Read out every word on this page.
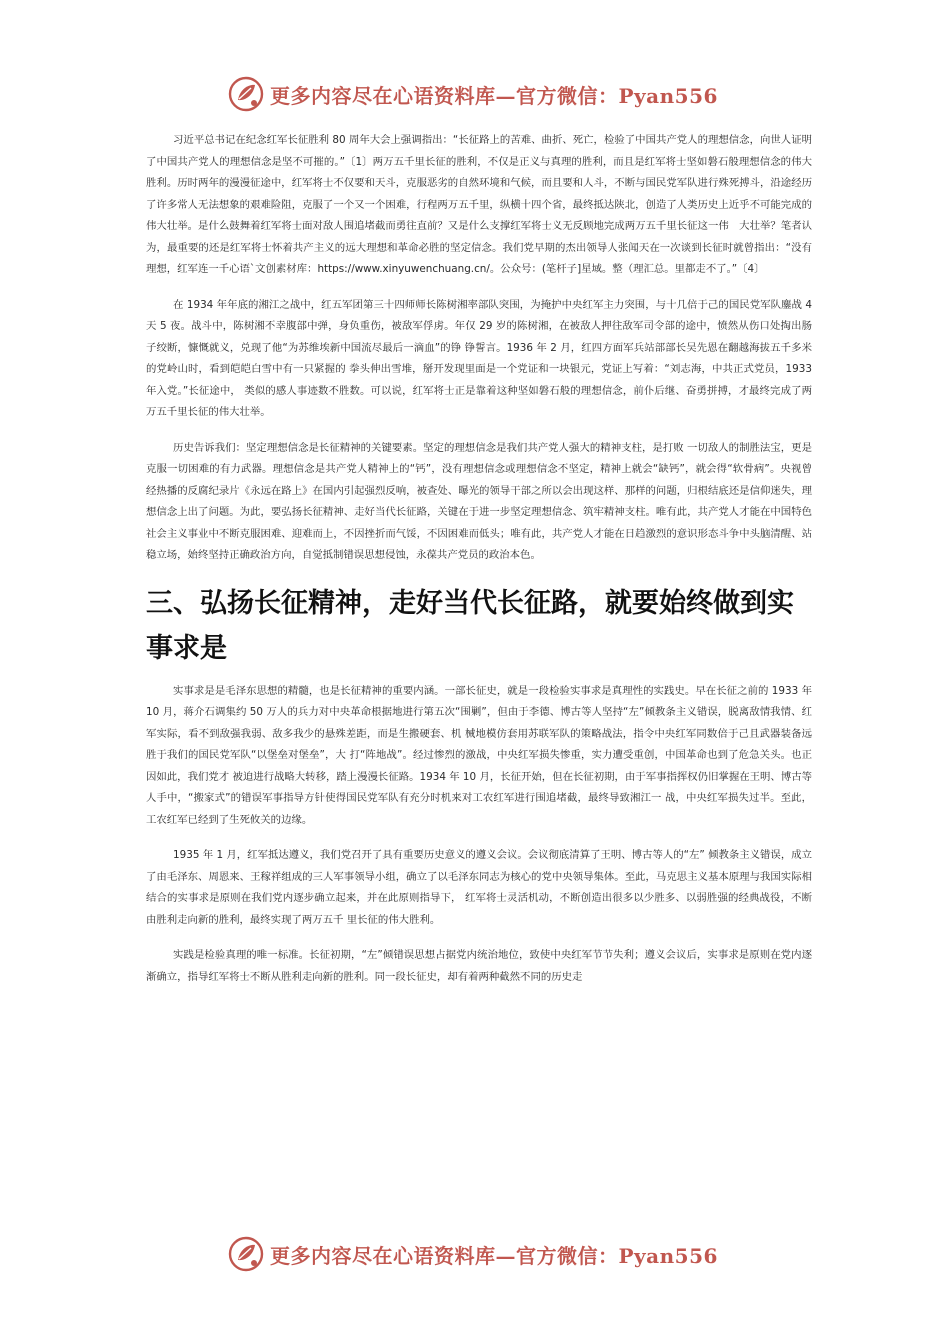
更多内容尽在心语资料库—官方微信：Pyan556

习近平总书记在纪念红军长征胜利 80 周年大会上强调指出：“长征路上的苦难、曲折、死亡，检验了中国共产党人的理想信念，向世人证明了中国共产党人的理想信念是坚不可摧的。”〔1〕两万五千里长征的胜利，不仅是正义与真理的胜利，而且是红军将士坚如磐石般理想信念的伟大胜利。历时两年的漫漫征途中，红军将士不仅要和天斗，克服恶劣的自然环境和气候，而且要和人斗，不断与国民党军队进行殊死搏斗，沿途经历了许多常人无法想象的艰难险阻，克服了一个又一个困难，行程两万五千里，纵横十四个省，最终抵达陕北，创造了人类历史上近乎不可能完成的伟大壮举。是什么鼓舞着红军将士面对敌人围追堵截而勇往直前？又是什么支撑红军将士义无反顾地完成两万五千里长征这一伟　大壮举？笔者认为，最重要的还是红军将士怀着共产主义的远大理想和革命必胜的坚定信念。我们党早期的杰出领导人张闻天在一次谈到长征时就曾指出：“没有理想，红军连一千心语`文创素材库：https://www.xinyuwenchuang.cn/。公众号：(笔杆子]星域。整（理汇总。里都走不了。”〔4〕

在 1934 年年底的湘江之战中，红五军团第三十四师师长陈树湘率部队突围，为掩护中央红军主力突围，与十几倍于己的国民党军队鏖战 4 天 5 夜。战斗中，陈树湘不幸腹部中弹，身负重伤，被敌军俘虏。年仅 29 岁的陈树湘，在被敌人押往敌军司令部的途中，愤然从伤口处掏出肠子绞断，慷慨就义，兑现了他“为苏维埃新中国流尽最后一滴血”的铮 铮誓言。1936 年 2 月，红四方面军兵站部部长吴先恩在翻越海拔五千多米的党岭山时，看到皑皑白雪中有一只紧握的 拳头伸出雪堆，掰开发现里面是一个党证和一块银元，党证上写着：“刘志海，中共正式党员，1933 年入党。”长征途中， 类似的感人事迹数不胜数。可以说，红军将士正是靠着这种坚如磐石般的理想信念，前仆后继、奋勇拼搏，才最终完成了两万五千里长征的伟大壮举。

历史告诉我们：坚定理想信念是长征精神的关键要素。坚定的理想信念是我们共产党人强大的精神支柱，是打败 一切敌人的制胜法宝，更是克服一切困难的有力武器。理想信念是共产党人精神上的“钙”，没有理想信念或理想信念不坚定，精神上就会“缺钙”，就会得“软骨病”。央视曾经热播的反腐纪录片《永远在路上》在国内引起强烈反响，被查处、曝光的领导干部之所以会出现这样、那样的问题，归根结底还是信仰迷失，理想信念上出了问题。为此，要弘扬长征精神、走好当代长征路，关键在于进一步坚定理想信念、筑牢精神支柱。唯有此，共产党人才能在中国特色社会主义事业中不断克服困难、迎难而上，不因挫折而气馁，不因困难而低头；唯有此，共产党人才能在日趋激烈的意识形态斗争中头脑清醒、站稳立场，始终坚持正确政治方向，自觉抵制错误思想侵蚀，永葆共产党员的政治本色。

三、弘扬长征精神，走好当代长征路，就要始终做到实事求是

实事求是是毛泽东思想的精髓，也是长征精神的重要内涵。一部长征史，就是一段检验实事求是真理性的实践史。早在长征之前的 1933 年 10 月，蒋介石调集约 50 万人的兵力对中央革命根据地进行第五次“围剿”，但由于李德、博古等人坚持“左”倾教条主义错误，脱离敌情我情、红军实际，看不到敌强我弱、敌多我少的悬殊差距，而是生搬硬套、机 械地模仿套用苏联军队的策略战法，指令中央红军同数倍于己且武器装备远胜于我们的国民党军队“以堡垒对堡垒”，大 打“阵地战”。经过惨烈的激战，中央红军损失惨重，实力遭受重创，中国革命也到了危急关头。也正因如此，我们党才 被迫进行战略大转移，踏上漫漫长征路。1934 年 10 月，长征开始，但在长征初期，由于军事指挥权仍旧掌握在王明、博古等人手中，“搬家式”的错误军事指导方针使得国民党军队有充分时机来对工农红军进行围追堵截，最终导致湘江一 战，中央红军损失过半。至此，工农红军已经到了生死攸关的边缘。

1935 年 1 月，红军抵达遵义，我们党召开了具有重要历史意义的遵义会议。会议彻底清算了王明、博古等人的“左” 倾教条主义错误，成立了由毛泽东、周恩来、王稼祥组成的三人军事领导小组，确立了以毛泽东同志为核心的党中央领导集体。至此，马克思主义基本原理与我国实际相结合的实事求是原则在我们党内逐步确立起来，并在此原则指导下， 红军将士灵活机动，不断创造出很多以少胜多、以弱胜强的经典战役，不断由胜利走向新的胜利，最终实现了两万五千 里长征的伟大胜利。

实践是检验真理的唯一标准。长征初期，“左”倾错误思想占据党内统治地位，致使中央红军节节失利；遵义会议后，实事求是原则在党内逐渐确立，指导红军将士不断从胜利走向新的胜利。同一段长征史，却有着两种截然不同的历史走

更多内容尽在心语资料库—官方微信：Pyan556
